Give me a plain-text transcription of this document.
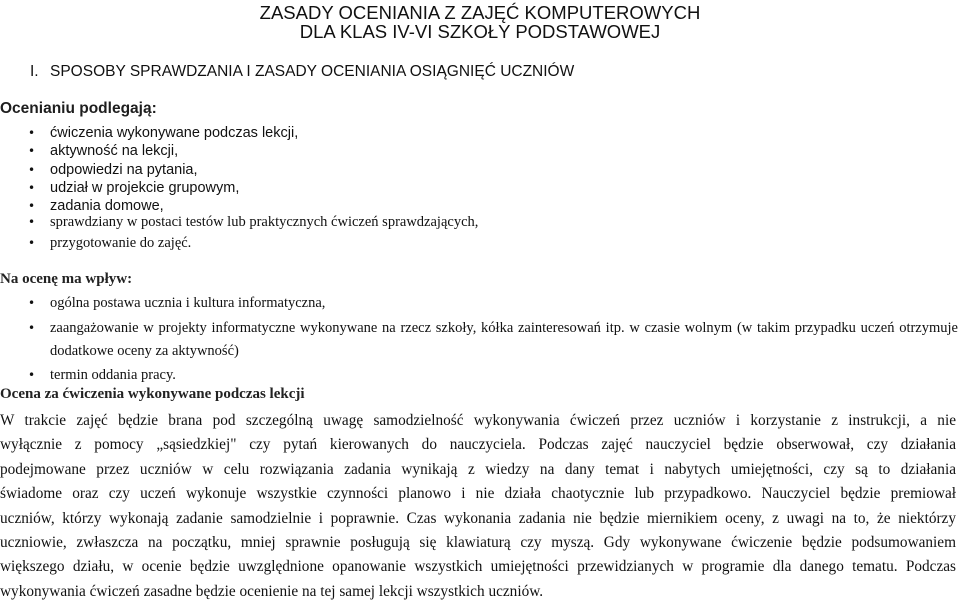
ZASADY OCENIANIA Z ZAJĘĆ KOMPUTEROWYCH
DLA KLAS IV-VI SZKOŁY PODSTAWOWEJ
I. SPOSOBY SPRAWDZANIA I ZASADY OCENIANIA OSIĄGNIĘĆ UCZNIÓW
Ocenianiu podlegają:
• ćwiczenia wykonywane podczas lekcji,
• aktywność na lekcji,
• odpowiedzi na pytania,
• udział w projekcie grupowym,
• zadania domowe,
• sprawdziany w postaci testów lub praktycznych ćwiczeń sprawdzających,
• przygotowanie do zajęć.
Na ocenę ma wpływ:
• ogólna postawa ucznia i kultura informatyczna,
• zaangażowanie w projekty informatyczne wykonywane na rzecz szkoły, kółka zainteresowań itp. w czasie wolnym (w takim przypadku uczeń otrzymuje dodatkowe oceny za aktywność)
• termin oddania pracy.
Ocena za ćwiczenia wykonywane podczas lekcji
W trakcie zajęć będzie brana pod szczególną uwagę samodzielność wykonywania ćwiczeń przez uczniów i korzystanie z instrukcji, a nie
wyłącznie z pomocy „sąsiedzkiej" czy pytań kierowanych do nauczyciela. Podczas zajęć nauczyciel będzie obserwował, czy działania
podejmowane przez uczniów w celu rozwiązania zadania wynikają z wiedzy na dany temat i nabytych umiejętności, czy są to działania
świadome oraz czy uczeń wykonuje wszystkie czynności planowo i nie działa chaotycznie lub przypadkowo. Nauczyciel będzie premiował
uczniów, którzy wykonają zadanie samodzielnie i poprawnie. Czas wykonania zadania nie będzie miernikiem oceny, z uwagi na to, że niektórzy
uczniowie, zwłaszcza na początku, mniej sprawnie posługują się klawiaturą czy myszą. Gdy wykonywane ćwiczenie będzie podsumowaniem
większego działu, w ocenie będzie uwzględnione opanowanie wszystkich umiejętności przewidzianych w programie dla danego tematu. Podczas
wykonywania ćwiczeń zasadne będzie ocenienie na tej samej lekcji wszystkich uczniów.
